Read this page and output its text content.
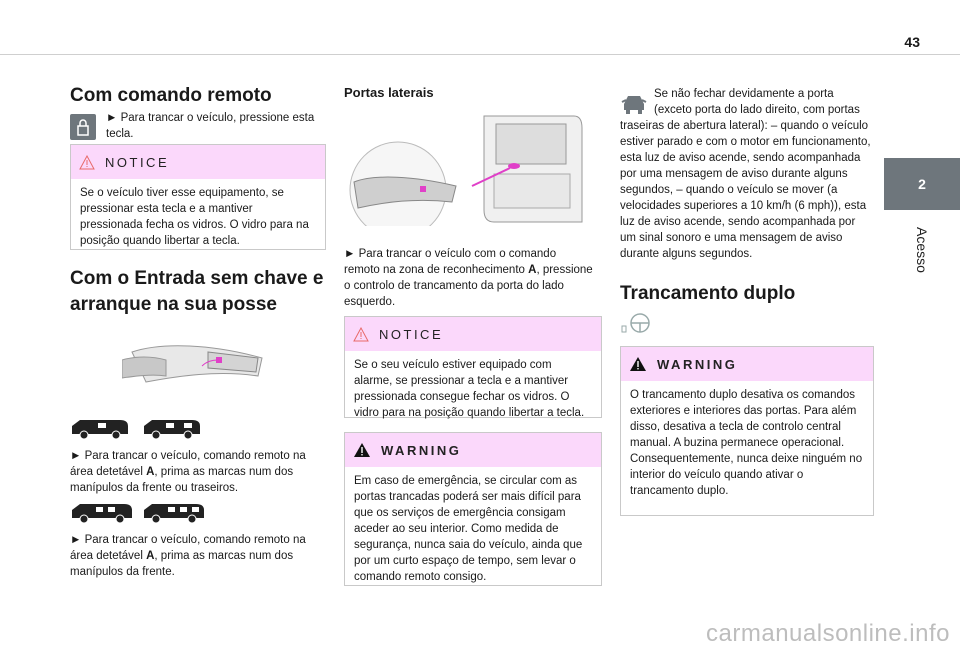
43
2
Acesso
Com comando remoto

► Para trancar o veículo, pressione esta tecla.

NOTICE
Se o veículo tiver esse equipamento, se pressionar esta tecla e a mantiver pressionada fecha os vidros. O vidro para na posição quando libertar a tecla.
Com o Entrada sem chave e
arranque na sua posse
► Para trancar o veículo, comando remoto na
área detetável A, prima as marcas num dos
manípulos da frente ou traseiros.
► Para trancar o veículo, comando remoto na
área detetável A, prima as marcas num dos
manípulos da frente.
Portas laterais
► Para trancar o veículo com o comando
remoto na zona de reconhecimento A, pressione
o controlo de trancamento da porta do lado
esquerdo.
NOTICE
Se o seu veículo estiver equipado com alarme, se pressionar a tecla e a mantiver pressionada consegue fechar os vidros. O vidro para na posição quando libertar a tecla.
WARNING
Em caso de emergência, se circular com as portas trancadas poderá ser mais difícil para que os serviços de emergência consigam aceder ao seu interior. Como medida de segurança, nunca saia do veículo, ainda que por um curto espaço de tempo, sem levar o comando remoto consigo.
Se não fechar devidamente a porta
(exceto porta do lado direito, com portas

traseiras de abertura lateral): – quando o veículo estiver parado e com o motor em funcionamento, esta luz de aviso acende, sendo acompanhada por uma mensagem de aviso durante alguns segundos, – quando o veículo se mover (a velocidades superiores a 10 km/h (6 mph)), esta luz de aviso acende, sendo acompanhada por um sinal sonoro e uma mensagem de aviso durante alguns segundos.

Trancamento duplo
WARNING
O trancamento duplo desativa os comandos exteriores e interiores das portas. Para além disso, desativa a tecla de controlo central manual. A buzina permanece operacional. Consequentemente, nunca deixe ninguém no interior do veículo quando ativar o trancamento duplo.
carmanualsonline.info
